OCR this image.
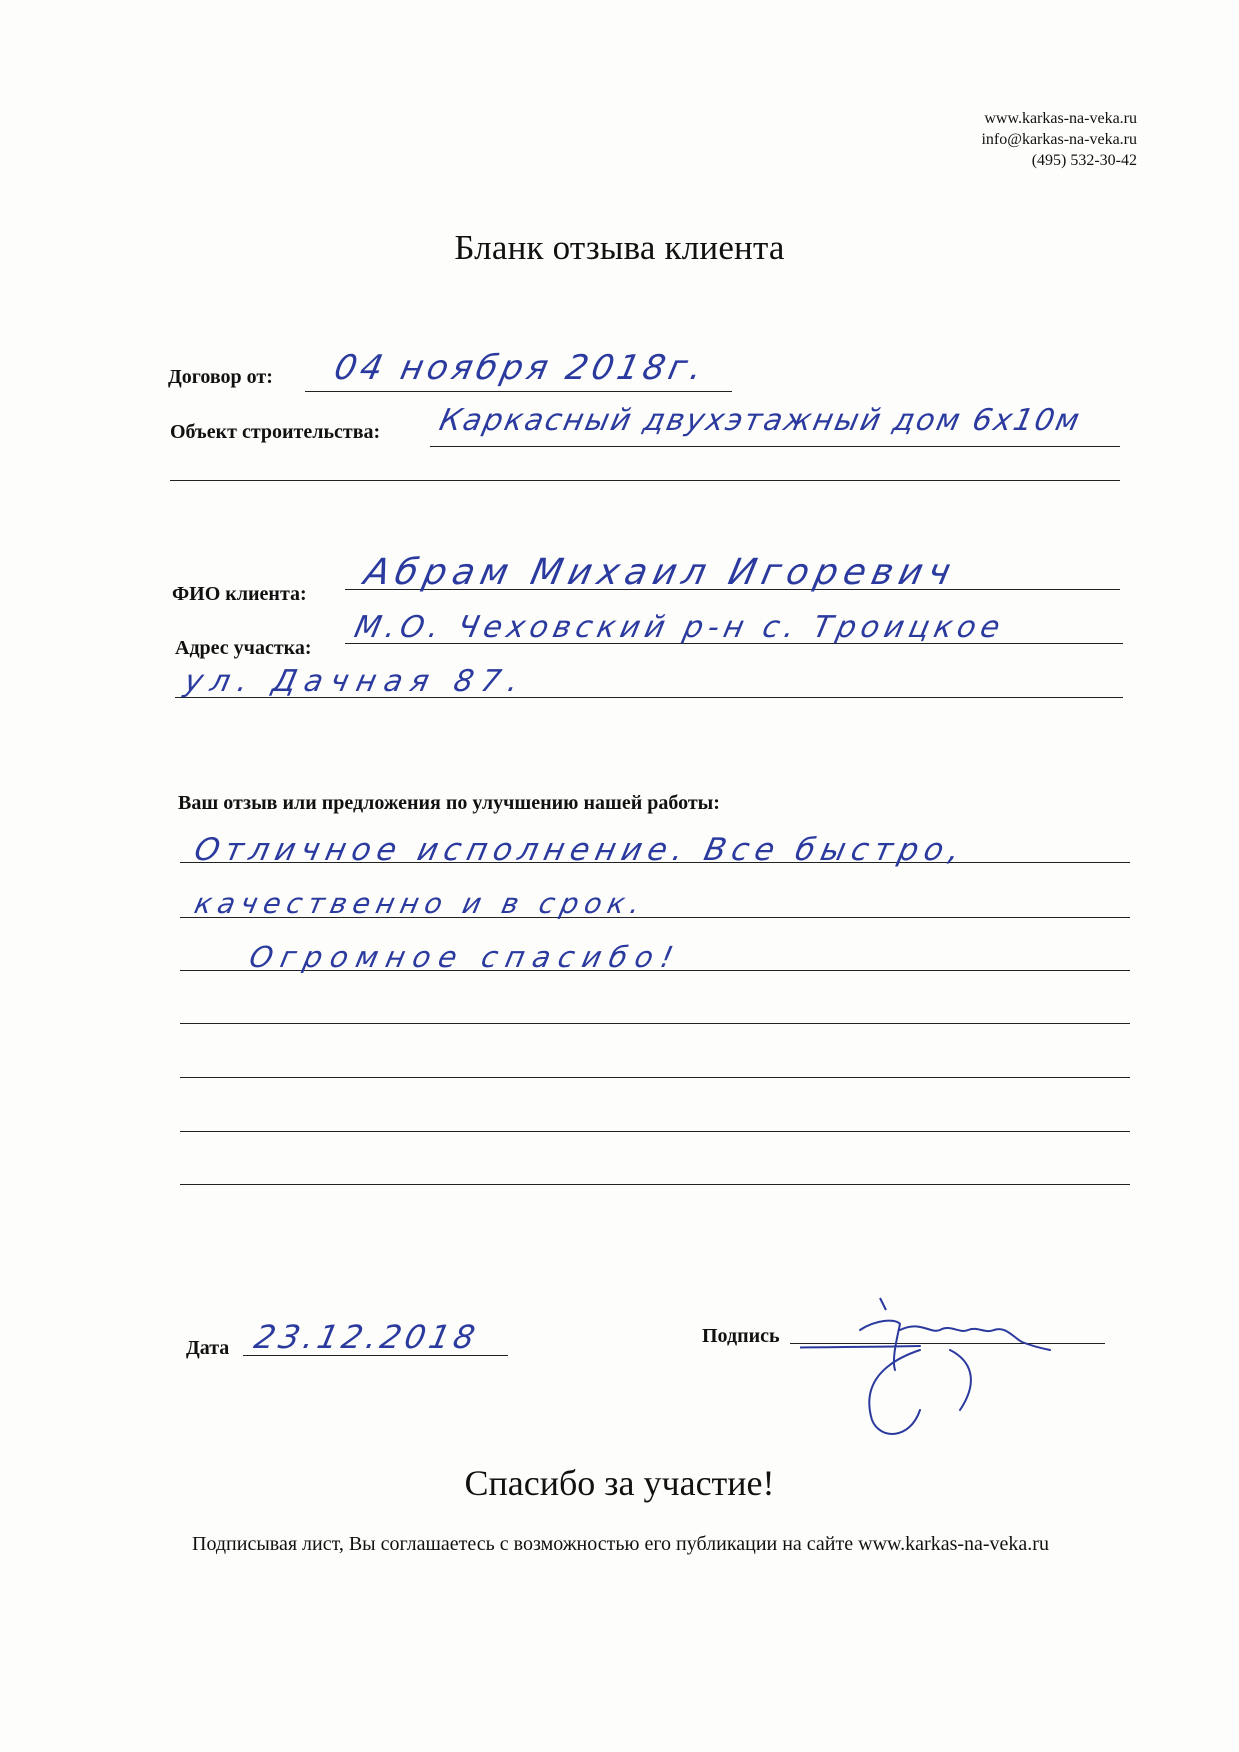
www.karkas-na-veka.ru
info@karkas-na-veka.ru
(495) 532-30-42
Бланк отзыва клиента
Договор от: 04 ноября 2018г.
Объект строительства: Каркасный двухэтажный дом 6х10м
ФИО клиента:
Абрам Михаил Игоревич
Адрес участка:
М.О. Чеховский р-н с. Троицкое
ул. Дачная 87.
Ваш отзыв или предложения по улучшению нашей работы:
Отличное исполнение. Все быстро,
качественно и в срок.
Огромное спасибо!
Дата 23.12.2018	Подпись
Спасибо за участие!
Подписывая лист, Вы соглашаетесь с возможностью его публикации на сайте www.karkas-na-veka.ru
